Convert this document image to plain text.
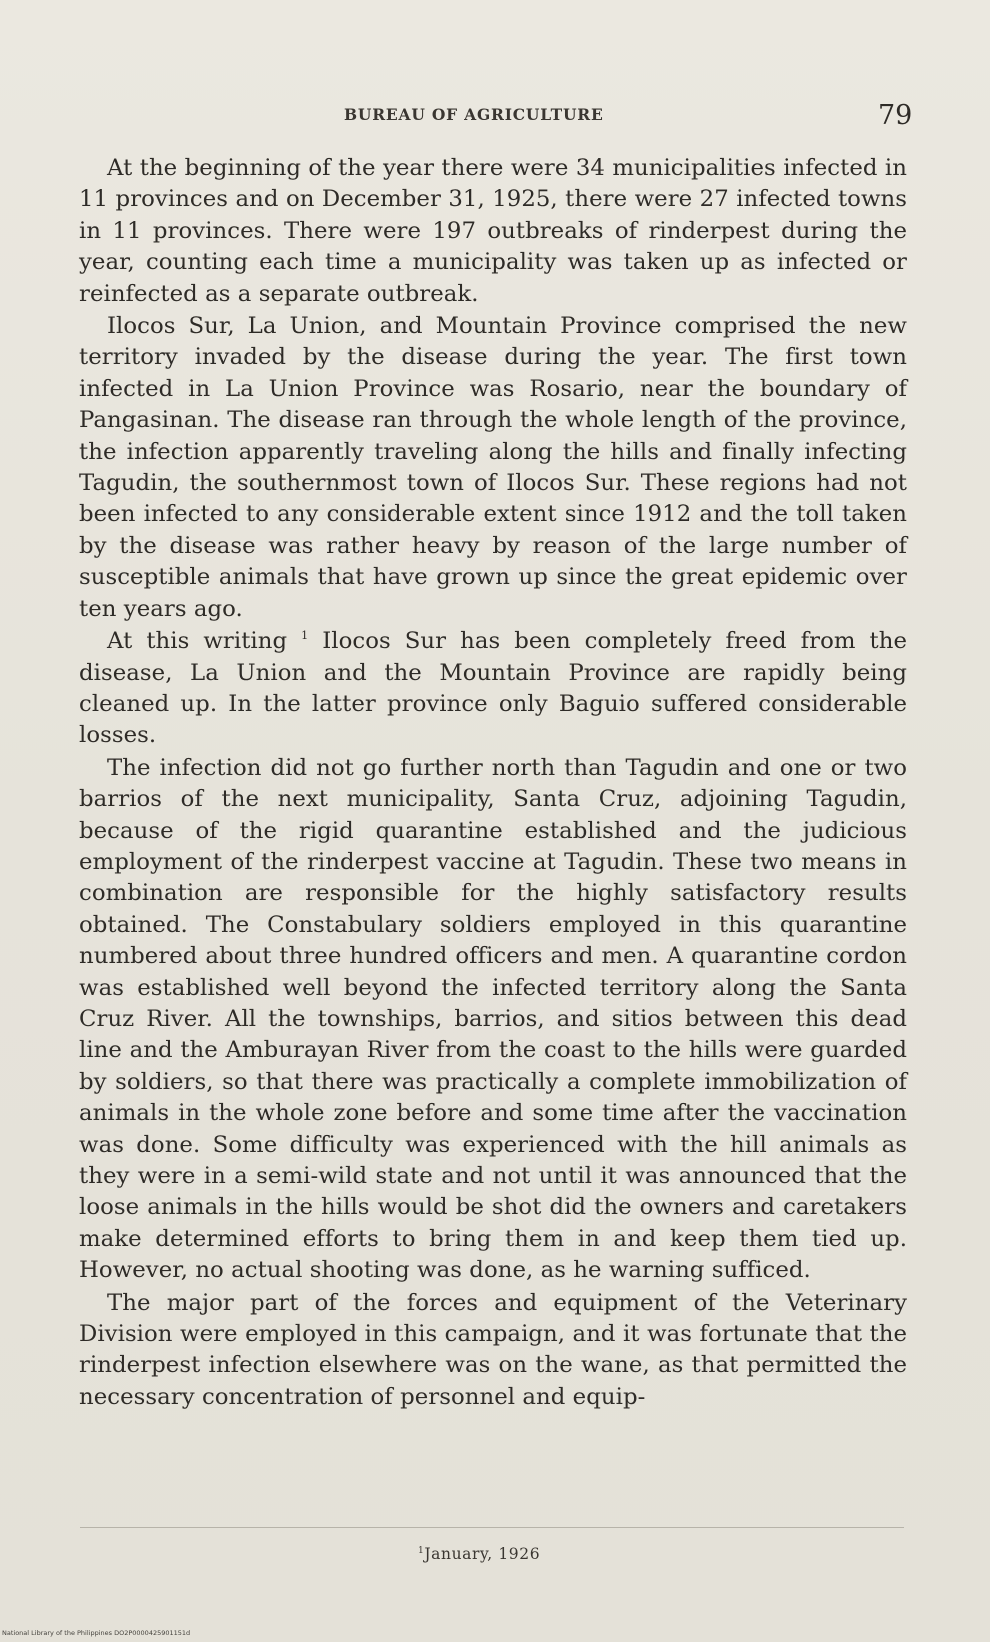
BUREAU OF AGRICULTURE	79

At the beginning of the year there were 34 municipalities infected in 11 provinces and on December 31, 1925, there were 27 infected towns in 11 provinces. There were 197 outbreaks of rinderpest during the year, counting each time a municipality was taken up as infected or reinfected as a separate outbreak.

Ilocos Sur, La Union, and Mountain Province comprised the new territory invaded by the disease during the year. The first town infected in La Union Province was Rosario, near the boundary of Pangasinan. The disease ran through the whole length of the province, the infection apparently traveling along the hills and finally infecting Tagudin, the southernmost town of Ilocos Sur. These regions had not been infected to any considerable extent since 1912 and the toll taken by the disease was rather heavy by reason of the large number of susceptible animals that have grown up since the great epidemic over ten years ago.

At this writing $^1$ Ilocos Sur has been completely freed from the disease, La Union and the Mountain Province are rapidly being cleaned up. In the latter province only Baguio suffered considerable losses.

The infection did not go further north than Tagudin and one or two barrios of the next municipality, Santa Cruz, adjoining Tagudin, because of the rigid quarantine established and the judicious employment of the rinderpest vaccine at Tagudin. These two means in combination are responsible for the highly satisfactory results obtained. The Constabulary soldiers employed in this quarantine numbered about three hundred officers and men. A quarantine cordon was established well beyond the infected territory along the Santa Cruz River. All the townships, barrios, and sitios between this dead line and the Amburayan River from the coast to the hills were guarded by soldiers, so that there was practically a complete immobilization of animals in the whole zone before and some time after the vaccination was done. Some difficulty was experienced with the hill animals as they were in a semi-wild state and not until it was announced that the loose animals in the hills would be shot did the owners and caretakers make determined efforts to bring them in and keep them tied up. However, no actual shooting was done, as he warning sufficed.

The major part of the forces and equipment of the Veterinary Division were employed in this campaign, and it was fortunate that the rinderpest infection elsewhere was on the wane, as that permitted the necessary concentration of personnel and equip-

$^1$January, 1926
National Library of the Philippines DO2P0000425901151d
